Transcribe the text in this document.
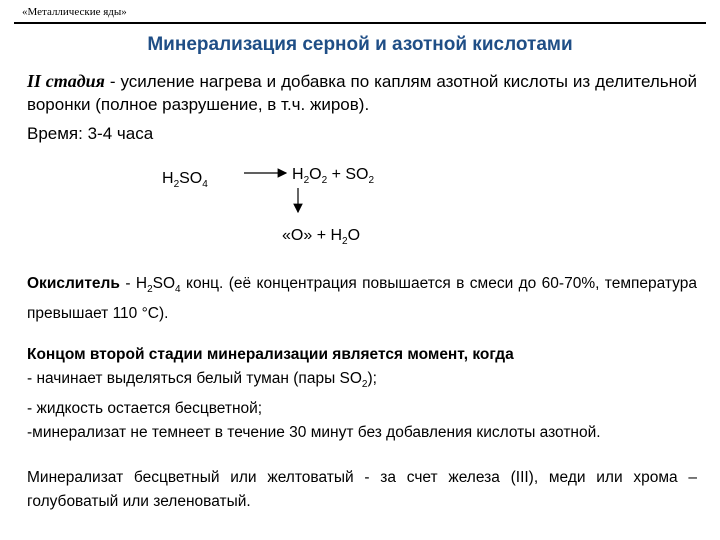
«Металлические яды»
Минерализация серной и азотной кислотами
II стадия - усиление нагрева и добавка по каплям азотной кислоты из делительной воронки (полное разрушение, в т.ч. жиров).
Время: 3-4 часа
$H_2SO_4$
$H_2O_2 + SO_2$
«O» + $H_2O$
Окислитель - $H_2SO_4$ конц. (её концентрация повышается в смеси до 60-70%, температура превышает 110 °C).
Концом второй стадии минерализации является момент, когда
- начинает выделяться белый туман (пары $SO_2$);
- жидкость остается бесцветной;
-минерализат не темнеет в течение 30 минут без добавления кислоты азотной.
Минерализат бесцветный или желтоватый - за счет железа (III), меди или хрома – голубоватый или зеленоватый.
